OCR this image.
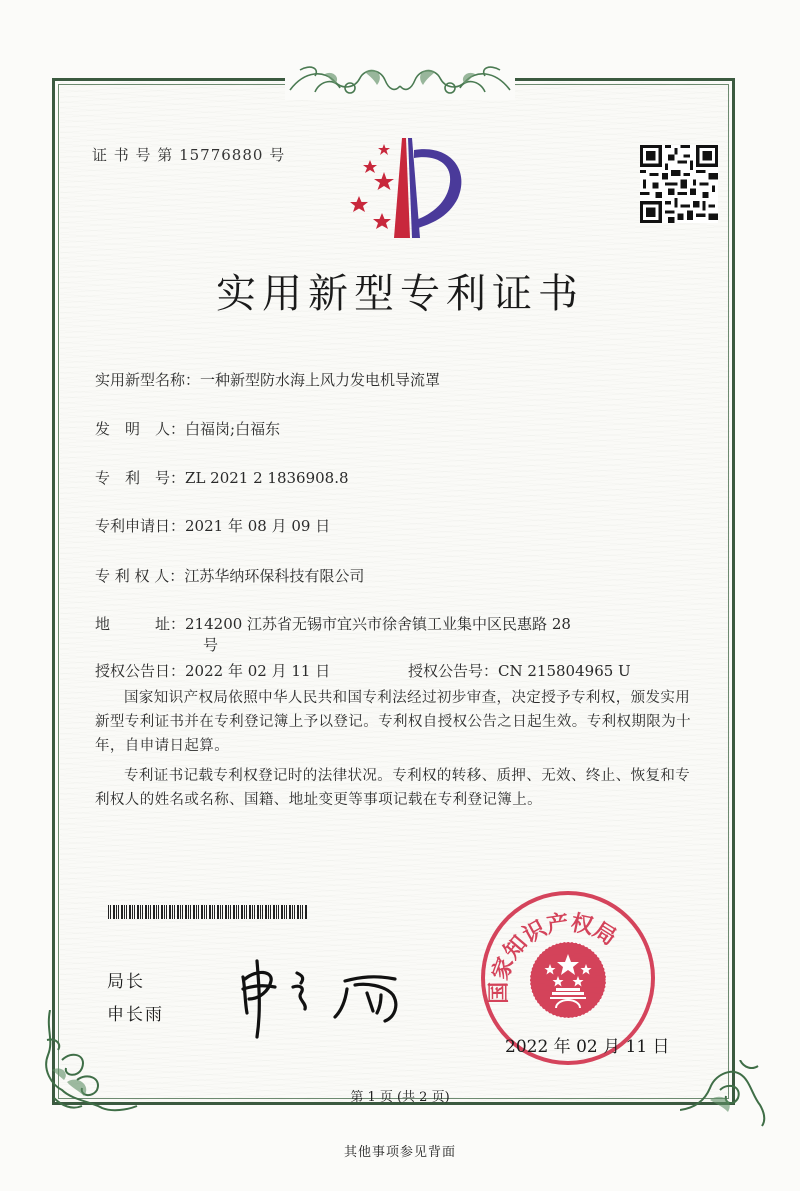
证 书 号 第 15776880 号
实用新型专利证书
实用新型名称：一种新型防水海上风力发电机导流罩
发　明　人：白福岗;白福东
专　利　号：ZL 2021 2 1836908.8
专利申请日：2021 年 08 月 09 日
专 利 权 人：江苏华纳环保科技有限公司
地　　　址：214200 江苏省无锡市宜兴市徐舍镇工业集中区民惠路 28
号
授权公告日：2022 年 02 月 11 日	授权公告号：CN 215804965 U

国家知识产权局依照中华人民共和国专利法经过初步审查，决定授予专利权，颁发实用新型专利证书并在专利登记簿上予以登记。专利权自授权公告之日起生效。专利权期限为十年，自申请日起算。

专利证书记载专利权登记时的法律状况。专利权的转移、质押、无效、终止、恢复和专利权人的姓名或名称、国籍、地址变更等事项记载在专利登记簿上。

局长
申长雨
国家知识产权局
2022 年 02 月 11 日
第 1 页 (共 2 页)
其他事项参见背面
